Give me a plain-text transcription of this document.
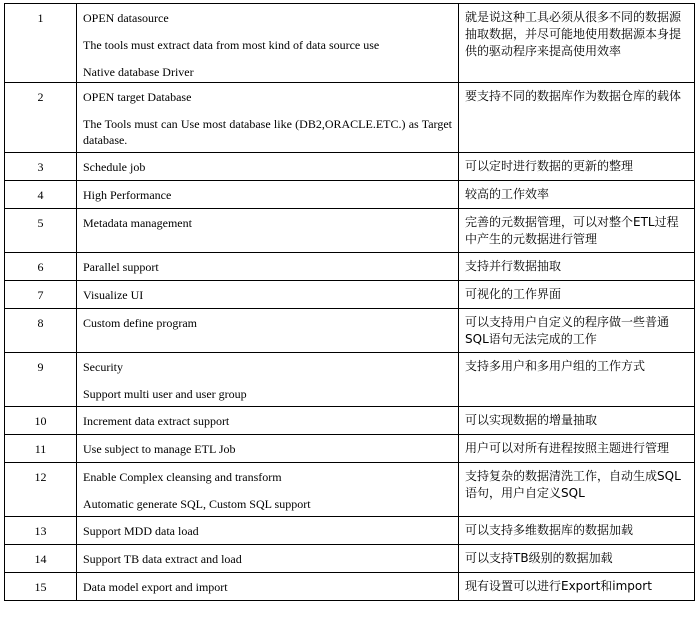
1	OPEN datasource
The tools must extract data from most kind of data source use
Native database Driver	就是说这种工具必须从很多不同的数据源抽取数据，并尽可能地使用数据源本身提供的驱动程序来提高使用效率
2	OPEN target Database
The Tools must can Use most database like (DB2,ORACLE.ETC.) as Target database.	要支持不同的数据库作为数据仓库的载体
3	Schedule job	可以定时进行数据的更新的整理
4	High Performance	较高的工作效率
5	Metadata management	完善的元数据管理，可以对整个ETL过程中产生的元数据进行管理
6	Parallel support	支持并行数据抽取
7	Visualize UI	可视化的工作界面
8	Custom define program	可以支持用户自定义的程序做一些普通SQL语句无法完成的工作
9	Security
Support multi user and user group	支持多用户和多用户组的工作方式
10	Increment data extract support	可以实现数据的增量抽取
11	Use subject to manage ETL Job	用户可以对所有进程按照主题进行管理
12	Enable Complex cleansing and transform
Automatic generate SQL, Custom SQL support	支持复杂的数据清洗工作，自动生成SQL语句，用户自定义SQL
13	Support MDD data load	可以支持多维数据库的数据加载
14	Support TB data extract and load	可以支持TB级别的数据加载
15	Data model export and import	现有设置可以进行Export和import
